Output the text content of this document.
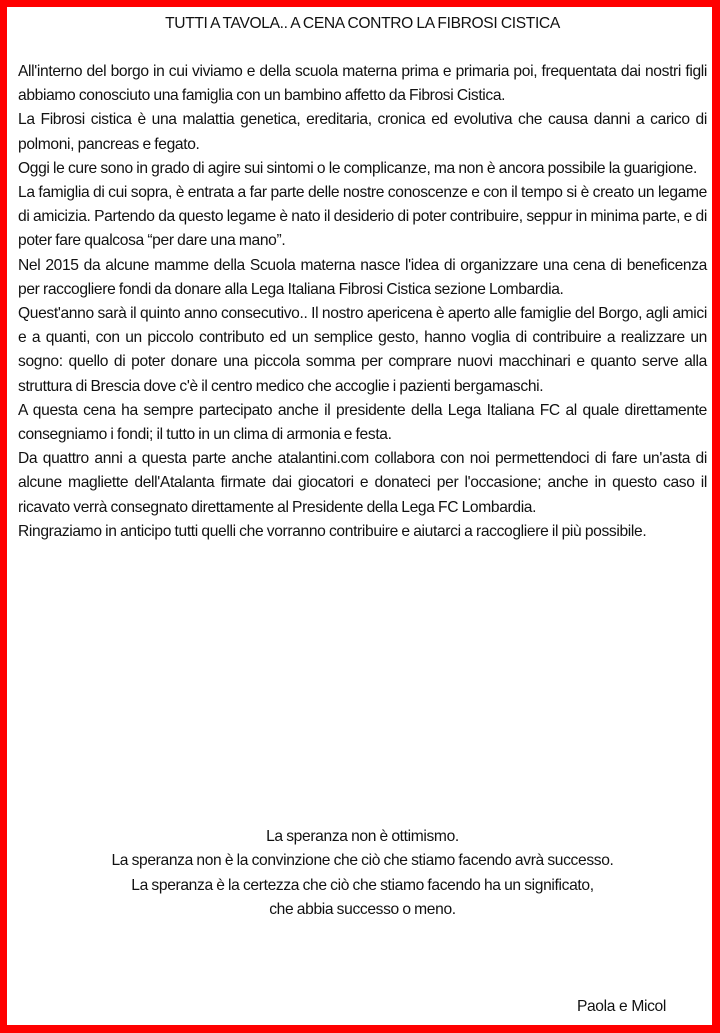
TUTTI A TAVOLA.. A CENA CONTRO LA FIBROSI CISTICA

All'interno del borgo in cui viviamo e della scuola materna prima e primaria poi, frequentata dai nostri figli abbiamo conosciuto una famiglia con un bambino affetto da Fibrosi Cistica.

La Fibrosi cistica è una malattia genetica, ereditaria, cronica ed evolutiva che causa danni a carico di polmoni, pancreas e fegato.

Oggi le cure sono in grado di agire sui sintomi o le complicanze, ma non è ancora possibile la guarigione.

La famiglia di cui sopra, è entrata a far parte delle nostre conoscenze e con il tempo si è creato un legame di amicizia. Partendo da questo legame è nato il desiderio di poter contribuire, seppur in minima parte, e di poter fare qualcosa “per dare una mano”.

Nel 2015 da alcune mamme della Scuola materna nasce l'idea di organizzare una cena di beneficenza per raccogliere fondi da donare alla Lega Italiana Fibrosi Cistica sezione Lombardia.

Quest'anno sarà il quinto anno consecutivo.. Il nostro apericena è aperto alle famiglie del Borgo, agli amici e a quanti, con un piccolo contributo ed un semplice gesto, hanno voglia di contribuire a realizzare un sogno: quello di poter donare una piccola somma per comprare nuovi macchinari e quanto serve alla struttura di Brescia dove c'è il centro medico che accoglie i pazienti bergamaschi.

A questa cena ha sempre partecipato anche il presidente della Lega Italiana FC al quale direttamente consegniamo i fondi; il tutto in un clima di armonia e festa.

Da quattro anni a questa parte anche atalantini.com collabora con noi permettendoci di fare un'asta di alcune magliette dell'Atalanta firmate dai giocatori e donateci per l'occasione; anche in questo caso il ricavato verrà consegnato direttamente al Presidente della Lega FC Lombardia.

Ringraziamo in anticipo tutti quelli che vorranno contribuire e aiutarci a raccogliere il più possibile.

La speranza non è ottimismo.
La speranza non è la convinzione che ciò che stiamo facendo avrà successo.
La speranza è la certezza che ciò che stiamo facendo ha un significato,
che abbia successo o meno.
Paola e Micol
